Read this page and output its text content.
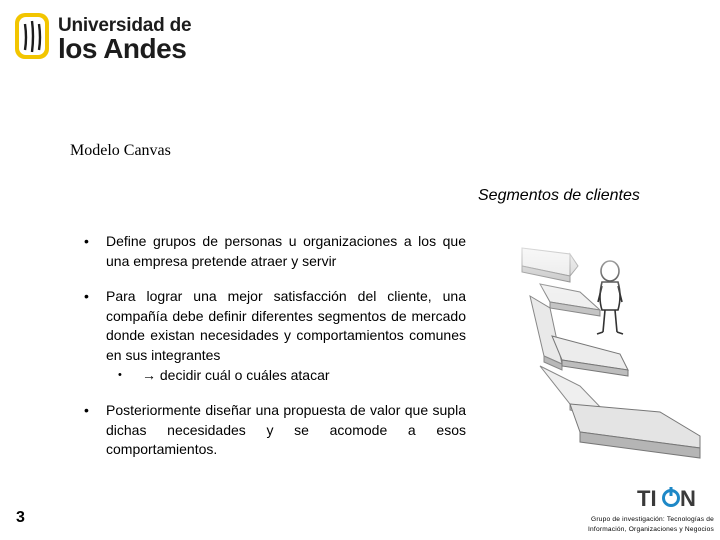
Universidad de
los Andes
Modelo Canvas
Segmentos de clientes
• Define grupos de personas u organizaciones a los que una empresa pretende atraer y servir
• Para lograr una mejor satisfacción del cliente, una compañía debe definir diferentes segmentos de mercado donde existan necesidades y comportamientos comunes en sus integrantes
• → decidir cuál o cuáles atacar
• Posteriormente diseñar una propuesta de valor que supla dichas necesidades y se acomode a esos comportamientos.
3
TI N
Grupo de investigación: Tecnologías de
Información, Organizaciones y Negocios
